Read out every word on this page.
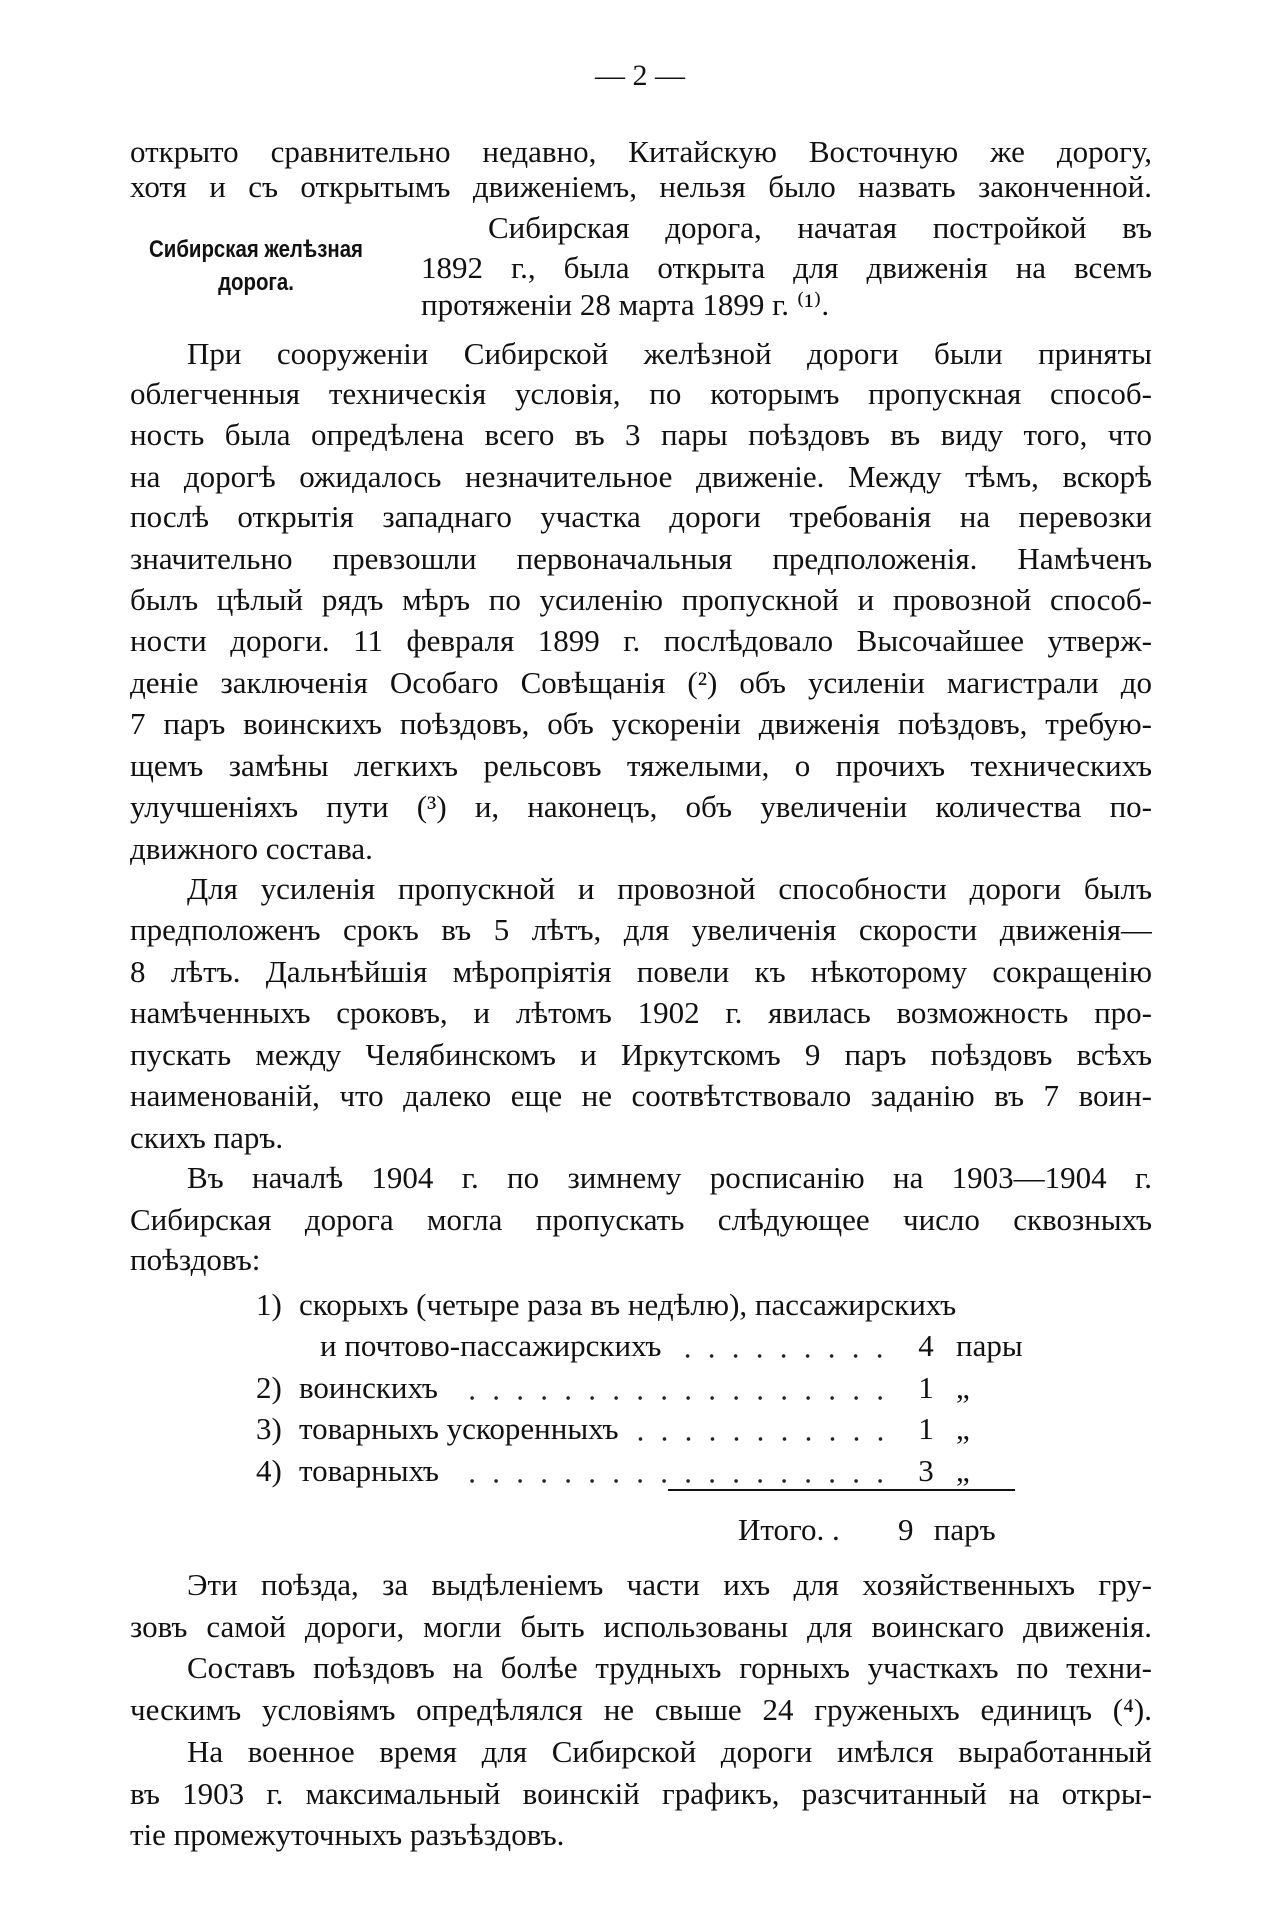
— 2 —
открыто сравнительно недавно, Китайскую Восточную же дорогу,
хотя и съ открытымъ движеніемъ, нельзя было назвать законченной.
Сибирская желѣзная
дорога.
Сибирская дорога, начатая постройкой въ
1892 г., была открыта для движенія на всемъ
протяженіи 28 марта 1899 г. ⁽¹⁾.
При сооруженіи Сибирской желѣзной дороги были приняты
облегченныя техническія условія, по которымъ пропускная способ-
ность была опредѣлена всего въ 3 пары поѣздовъ въ виду того, что
на дорогѣ ожидалось незначительное движеніе. Между тѣмъ, вскорѣ
послѣ открытія западнаго участка дороги требованія на перевозки
значительно превзошли первоначальныя предположенія. Намѣченъ
былъ цѣлый рядъ мѣръ по усиленію пропускной и провозной способ-
ности дороги. 11 февраля 1899 г. послѣдовало Высочайшее утверж-
деніе заключенія Особаго Совѣщанія (²) объ усиленіи магистрали до
7 паръ воинскихъ поѣздовъ, объ ускореніи движенія поѣздовъ, требую-
щемъ замѣны легкихъ рельсовъ тяжелыми, о прочихъ техническихъ
улучшеніяхъ пути (³) и, наконецъ, объ увеличеніи количества по-
движного состава.
Для усиленія пропускной и провозной способности дороги былъ
предположенъ срокъ въ 5 лѣтъ, для увеличенія скорости движенія—
8 лѣтъ. Дальнѣйшія мѣропріятія повели къ нѣкоторому сокращенію
намѣченныхъ сроковъ, и лѣтомъ 1902 г. явилась возможность про-
пускать между Челябинскомъ и Иркутскомъ 9 паръ поѣздовъ всѣхъ
наименованій, что далеко еще не соотвѣтствовало заданію въ 7 воин-
скихъ паръ.
Въ началѣ 1904 г. по зимнему росписанію на 1903—1904 г.
Сибирская дорога могла пропускать слѣдующее число сквозныхъ
поѣздовъ:
1) скорыхъ (четыре раза въ недѣлю), пассажирскихъ
и почтово-пассажирскихъ	4 пары
2) воинскихъ	1 „
3) товарныхъ ускоренныхъ	1 „
4) товарныхъ	3 „
Итого. . 9 паръ
Эти поѣзда, за выдѣленіемъ части ихъ для хозяйственныхъ гру-
зовъ самой дороги, могли быть использованы для воинскаго движенія.
Составъ поѣздовъ на болѣе трудныхъ горныхъ участкахъ по техни-
ческимъ условіямъ опредѣлялся не свыше 24 груженыхъ единицъ (⁴).
На военное время для Сибирской дороги имѣлся выработанный
въ 1903 г. максимальный воинскій графикъ, разсчитанный на откры-
тіе промежуточныхъ разъѣздовъ.
